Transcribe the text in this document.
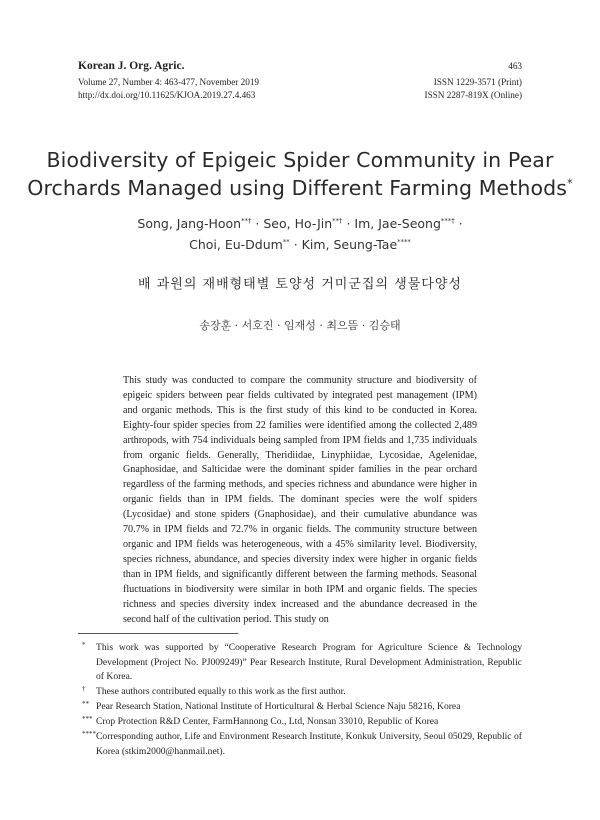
Korean J. Org. Agric.
Volume 27, Number 4: 463-477, November 2019
http://dx.doi.org/10.11625/KJOA.2019.27.4.463
463
ISSN 1229-3571 (Print)
ISSN 2287-819X (Online)
Biodiversity of Epigeic Spider Community in Pear
Orchards Managed using Different Farming Methods*
Song, Jang-Hoon**† · Seo, Ho-Jin**† · Im, Jae-Seong***† ·
Choi, Eu-Ddum** · Kim, Seung-Tae****
배 과원의 재배형태별 토양성 거미군집의 생물다양성
송장훈 · 서호진 · 임재성 · 최으뜸 · 김승태

This study was conducted to compare the community structure and biodiversity of epigeic spiders between pear fields cultivated by integrated pest management (IPM) and organic methods. This is the first study of this kind to be conducted in Korea. Eighty-four spider species from 22 families were identified among the collected 2,489 arthropods, with 754 individuals being sampled from IPM fields and 1,735 individuals from organic fields. Generally, Theridiidae, Linyphiidae, Lycosidae, Agelenidae, Gnaphosidae, and Salticidae were the dominant spider families in the pear orchard regardless of the farming methods, and species richness and abundance were higher in organic fields than in IPM fields. The dominant species were the wolf spiders (Lycosidae) and stone spiders (Gnaphosidae), and their cumulative abundance was 70.7% in IPM fields and 72.7% in organic fields. The community structure between organic and IPM fields was heterogeneous, with a 45% similarity level. Biodiversity, species richness, abundance, and species diversity index were higher in organic fields than in IPM fields, and significantly different between the farming methods. Seasonal fluctuations in biodiversity were similar in both IPM and organic fields. The species richness and species diversity index increased and the abundance decreased in the second half of the cultivation period. This study on

*	This work was supported by “Cooperative Research Program for Agriculture Science & Technology Development (Project No. PJ009249)” Pear Research Institute, Rural Development Administration, Republic of Korea.
†	These authors contributed equally to this work as the first author.
** Pear Research Station, National Institute of Horticultural & Herbal Science Naju 58216, Korea
*** Crop Protection R&D Center, FarmHannong Co., Ltd, Nonsan 33010, Republic of Korea
**** Corresponding author, Life and Environment Research Institute, Konkuk University, Seoul 05029, Republic of Korea (stkim2000@hanmail.net).
